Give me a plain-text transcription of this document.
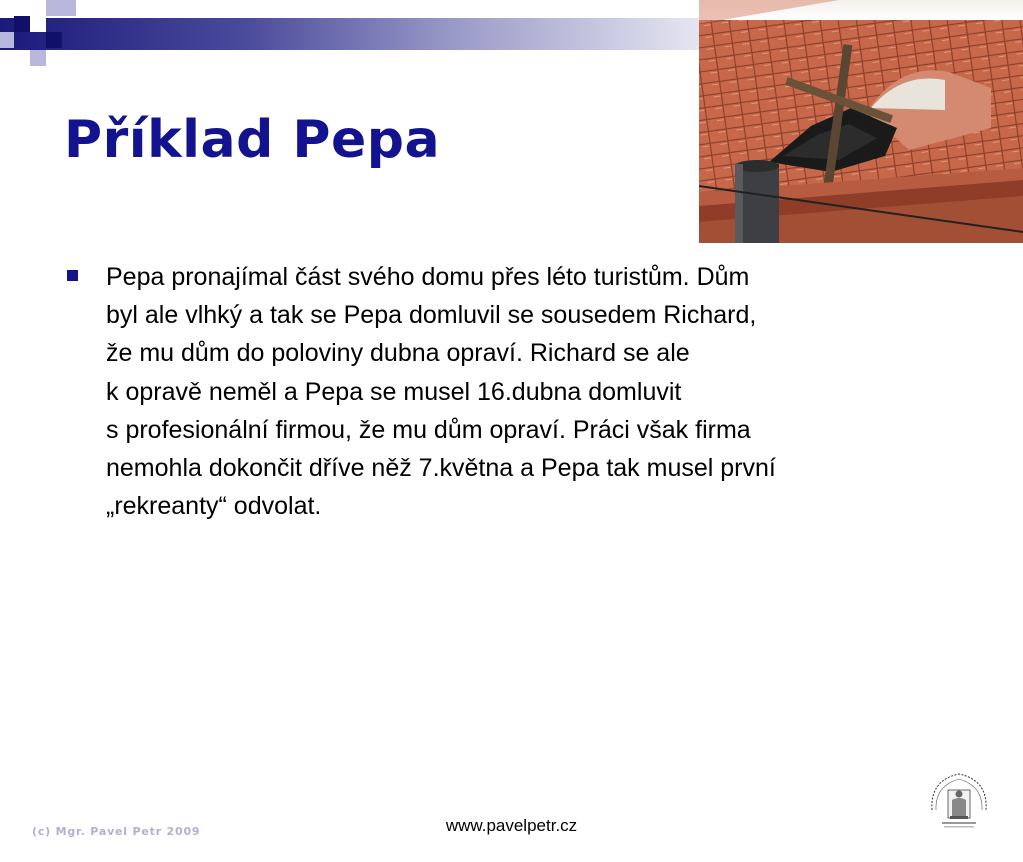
Příklad Pepa

Pepa pronajímal část svého domu přes léto turistům. Dům
byl ale vlhký a tak se Pepa domluvil se sousedem Richard,
že mu dům do poloviny dubna opraví. Richard se ale
k opravě neměl a Pepa se musel 16.dubna domluvit
s profesionální firmou, že mu dům opraví. Práci však firma
nemohla dokončit dříve něž 7.května a Pepa tak musel první
„rekreanty“ odvolat.

(c) Mgr. Pavel Petr 2009	www.pavelpetr.cz
